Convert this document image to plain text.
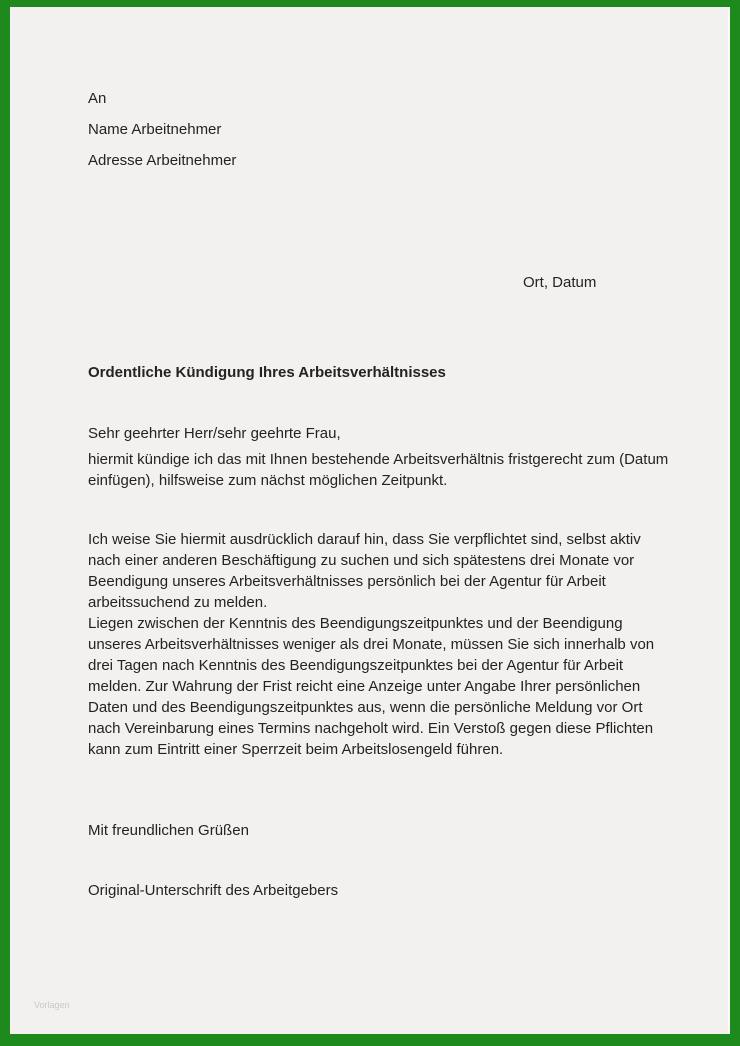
An

Name Arbeitnehmer

Adresse Arbeitnehmer

Ort, Datum

Ordentliche Kündigung Ihres Arbeitsverhältnisses

Sehr geehrter Herr/sehr geehrte Frau,

hiermit kündige ich das mit Ihnen bestehende Arbeitsverhältnis fristgerecht zum (Datum einfügen), hilfsweise zum nächst möglichen Zeitpunkt.

Ich weise Sie hiermit ausdrücklich darauf hin, dass Sie verpflichtet sind, selbst aktiv nach einer anderen Beschäftigung zu suchen und sich spätestens drei Monate vor Beendigung unseres Arbeitsverhältnisses persönlich bei der Agentur für Arbeit arbeitssuchend zu melden.

Liegen zwischen der Kenntnis des Beendigungszeitpunktes und der Beendigung unseres Arbeitsverhältnisses weniger als drei Monate, müssen Sie sich innerhalb von drei Tagen nach Kenntnis des Beendigungszeitpunktes bei der Agentur für Arbeit melden. Zur Wahrung der Frist reicht eine Anzeige unter Angabe Ihrer persönlichen Daten und des Beendigungszeitpunktes aus, wenn die persönliche Meldung vor Ort nach Vereinbarung eines Termins nachgeholt wird. Ein Verstoß gegen diese Pflichten kann zum Eintritt einer Sperrzeit beim Arbeitslosengeld führen.

Mit freundlichen Grüßen

Original-Unterschrift des Arbeitgebers

Vorlagen
